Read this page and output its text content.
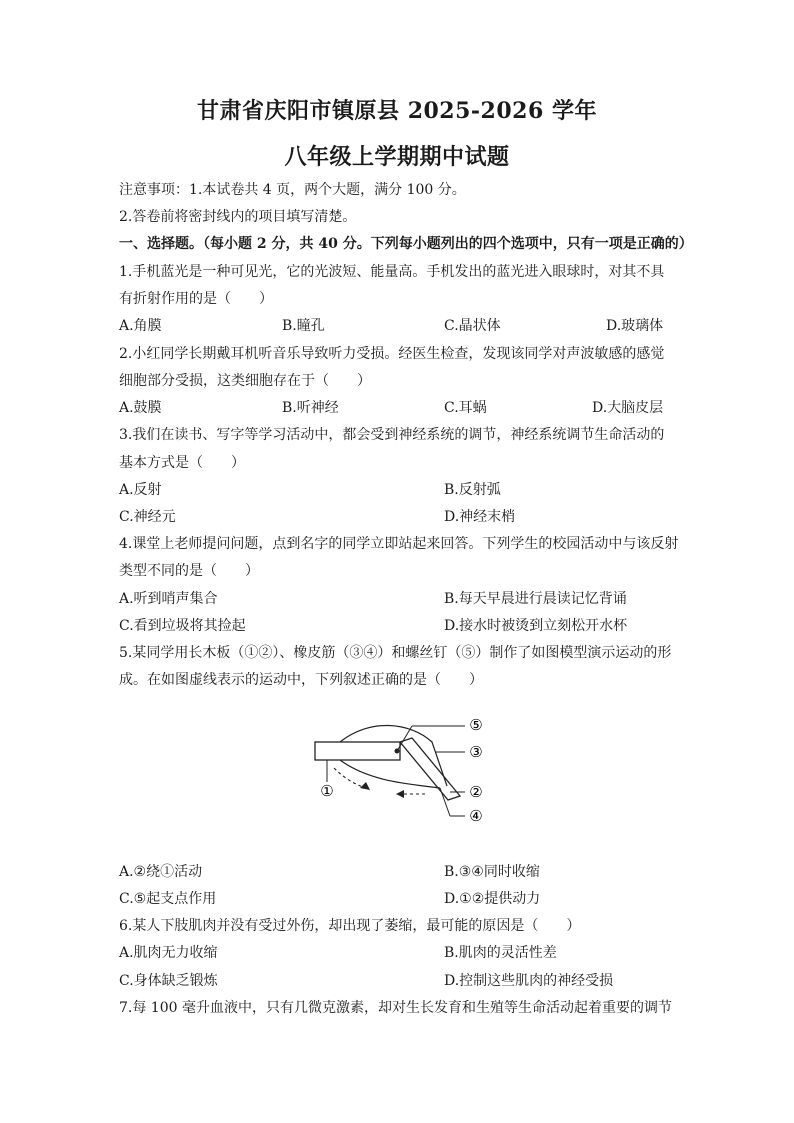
甘肃省庆阳市镇原县 2025-2026 学年
八年级上学期期中试题
注意事项：1.本试卷共 4 页，两个大题，满分 100 分。
2.答卷前将密封线内的项目填写清楚。
一、选择题。（每小题 2 分，共 40 分。下列每小题列出的四个选项中，只有一项是正确的）
1.手机蓝光是一种可见光，它的光波短、能量高。手机发出的蓝光进入眼球时，对其不具
有折射作用的是（　　）
A.角膜	B.瞳孔	C.晶状体	D.玻璃体
2.小红同学长期戴耳机听音乐导致听力受损。经医生检查，发现该同学对声波敏感的感觉
细胞部分受损，这类细胞存在于（　　）
A.鼓膜	B.听神经	C.耳蜗	D.大脑皮层
3.我们在读书、写字等学习活动中，都会受到神经系统的调节，神经系统调节生命活动的
基本方式是（　　）
A.反射	B.反射弧
C.神经元	D.神经末梢
4.课堂上老师提问问题，点到名字的同学立即站起来回答。下列学生的校园活动中与该反射
类型不同的是（　　）
A.听到哨声集合	B.每天早晨进行晨读记忆背诵
C.看到垃圾将其捡起	D.接水时被烫到立刻松开水杯
5.某同学用长木板（①②）、橡皮筋（③④）和螺丝钉（⑤）制作了如图模型演示运动的形
成。在如图虚线表示的运动中，下列叙述正确的是（　　）
⑤
③
②
④
①
A.②绕①活动	B.③④同时收缩
C.⑤起支点作用	D.①②提供动力
6.某人下肢肌肉并没有受过外伤，却出现了萎缩，最可能的原因是（　　）
A.肌肉无力收缩	B.肌肉的灵活性差
C.身体缺乏锻炼	D.控制这些肌肉的神经受损
7.每 100 毫升血液中，只有几微克激素，却对生长发育和生殖等生命活动起着重要的调节
